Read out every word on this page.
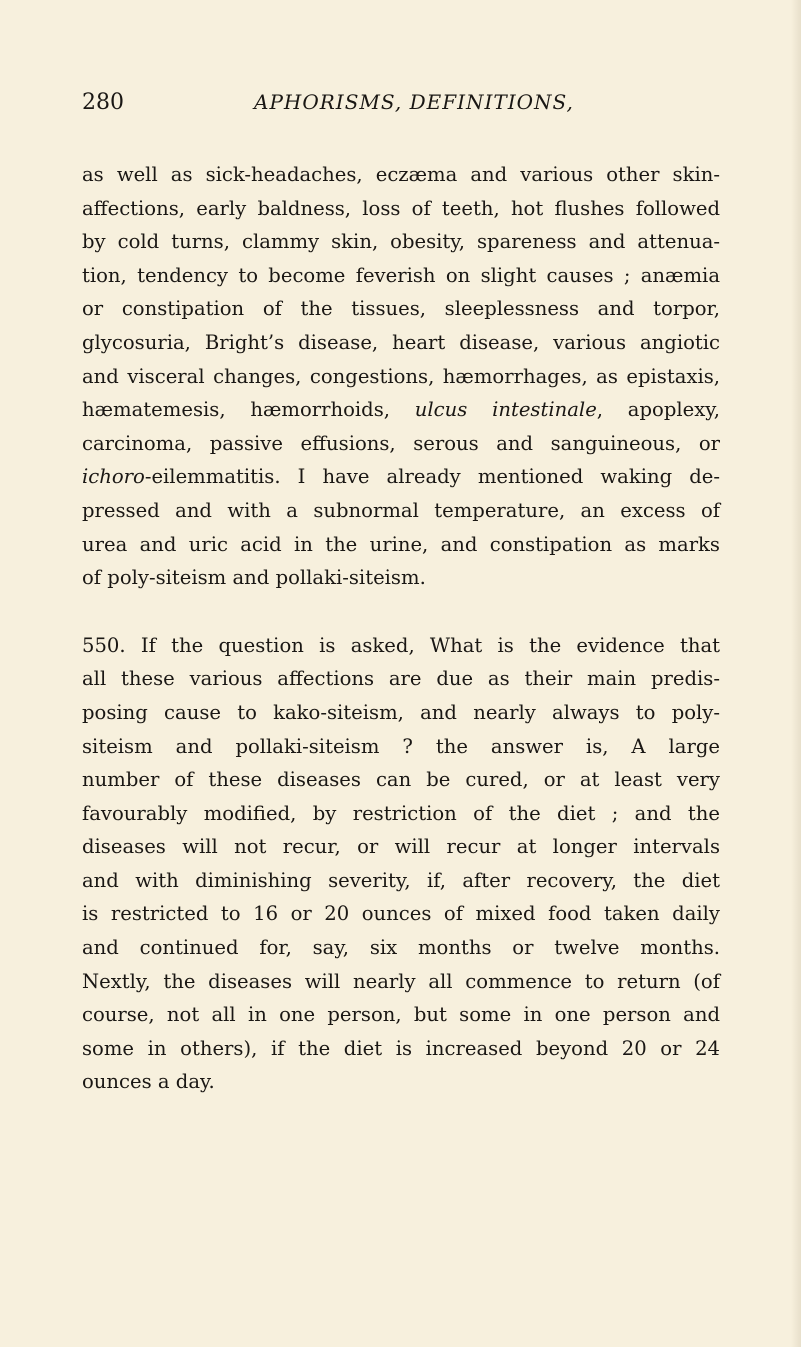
280	APHORISMS, DEFINITIONS,

as well as sick-headaches, eczæma and various other skin-
affections, early baldness, loss of teeth, hot flushes followed
by cold turns, clammy skin, obesity, spareness and attenua-
tion, tendency to become feverish on slight causes ; anæmia
or constipation of the tissues, sleeplessness and torpor,
glycosuria, Bright’s disease, heart disease, various angiotic
and visceral changes, congestions, hæmorrhages, as epistaxis,
hæmatemesis, hæmorrhoids, ulcus intestinale, apoplexy,
carcinoma, passive effusions, serous and sanguineous, or
ichoro-eilemmatitis. I have already mentioned waking de-
pressed and with a subnormal temperature, an excess of
urea and uric acid in the urine, and constipation as marks
of poly-siteism and pollaki-siteism.

550. If the question is asked, What is the evidence that
all these various affections are due as their main predis-
posing cause to kako-siteism, and nearly always to poly-
siteism and pollaki-siteism ? the answer is, A large
number of these diseases can be cured, or at least very
favourably modified, by restriction of the diet ; and the
diseases will not recur, or will recur at longer intervals
and with diminishing severity, if, after recovery, the diet
is restricted to 16 or 20 ounces of mixed food taken daily
and continued for, say, six months or twelve months.
Nextly, the diseases will nearly all commence to return (of
course, not all in one person, but some in one person and
some in others), if the diet is increased beyond 20 or 24
ounces a day.
